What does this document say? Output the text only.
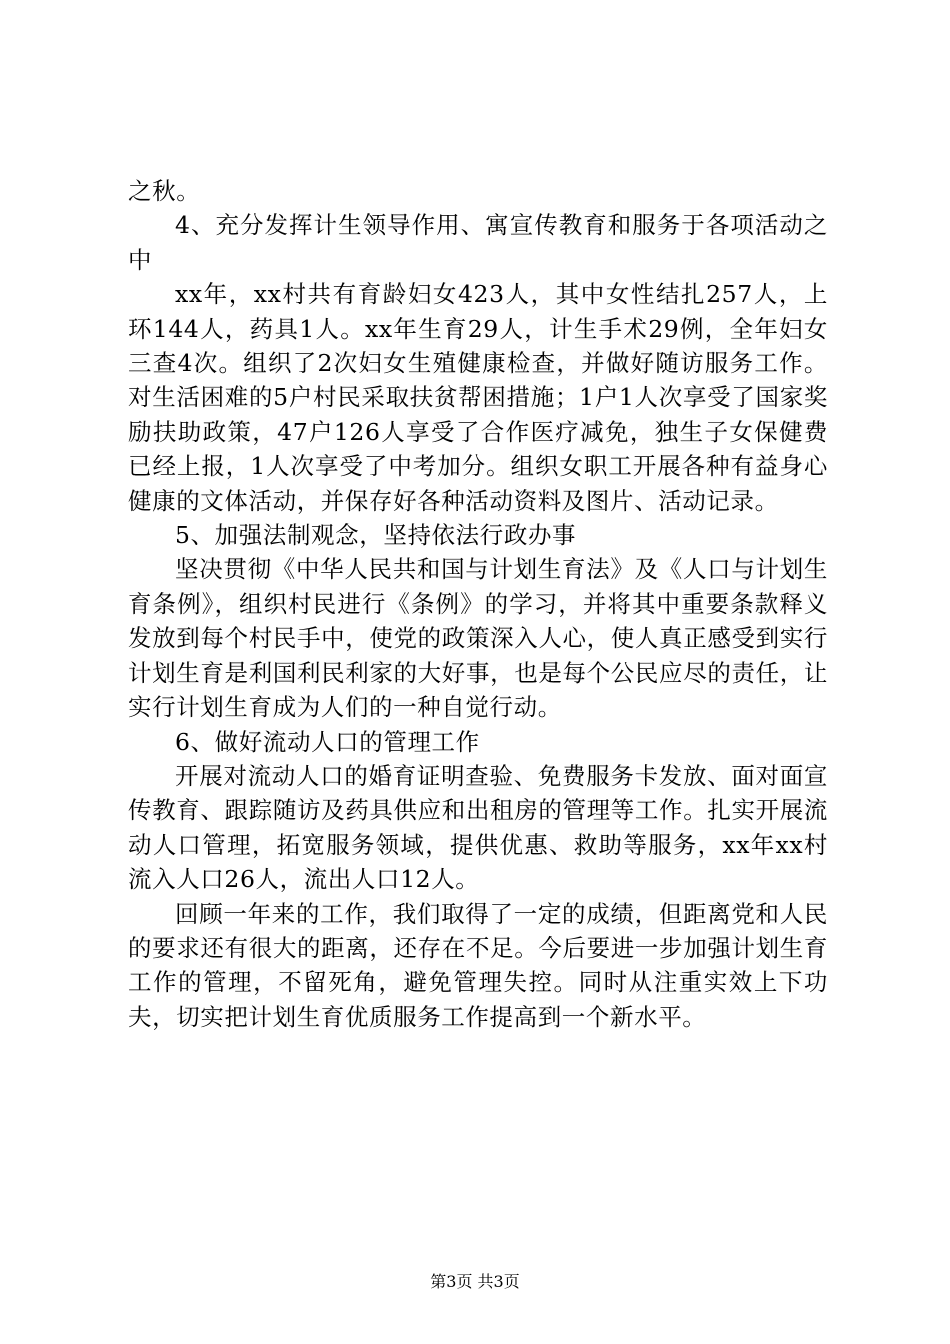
之秋。

4、充分发挥计生领导作用、寓宣传教育和服务于各项活动之中

xx年，xx村共有育龄妇女423人，其中女性结扎257人，上环144人，药具1人。xx年生育29人，计生手术29例，全年妇女三查4次。组织了2次妇女生殖健康检查，并做好随访服务工作。对生活困难的5户村民采取扶贫帮困措施；1户1人次享受了国家奖励扶助政策，47户126人享受了合作医疗减免，独生子女保健费已经上报，1人次享受了中考加分。组织女职工开展各种有益身心健康的文体活动，并保存好各种活动资料及图片、活动记录。

5、加强法制观念，坚持依法行政办事

坚决贯彻《中华人民共和国与计划生育法》及《人口与计划生育条例》，组织村民进行《条例》的学习，并将其中重要条款释义发放到每个村民手中，使党的政策深入人心，使人真正感受到实行计划生育是利国利民利家的大好事，也是每个公民应尽的责任，让实行计划生育成为人们的一种自觉行动。

6、做好流动人口的管理工作

开展对流动人口的婚育证明查验、免费服务卡发放、面对面宣传教育、跟踪随访及药具供应和出租房的管理等工作。扎实开展流动人口管理，拓宽服务领域，提供优惠、救助等服务，xx年xx村流入人口26人，流出人口12人。

回顾一年来的工作，我们取得了一定的成绩，但距离党和人民的要求还有很大的距离，还存在不足。今后要进一步加强计划生育工作的管理，不留死角，避免管理失控。同时从注重实效上下功夫，切实把计划生育优质服务工作提高到一个新水平。

第3页 共3页
